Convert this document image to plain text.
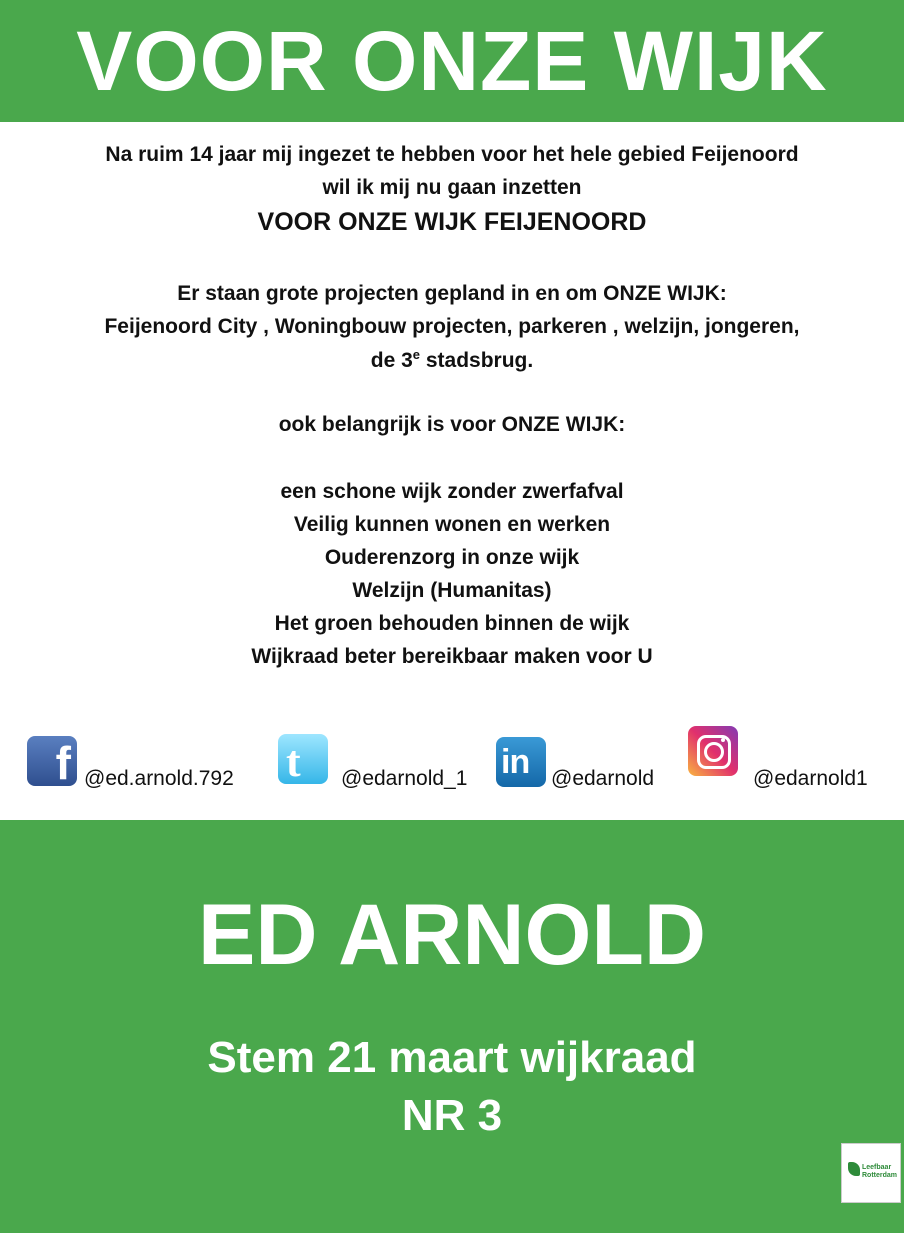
VOOR ONZE WIJK
Na ruim 14 jaar mij ingezet te hebben voor het hele gebied Feijenoord
wil ik mij nu gaan inzetten
VOOR ONZE WIJK FEIJENOORD
Er staan grote projecten gepland in en om ONZE WIJK:
Feijenoord City , Woningbouw projecten, parkeren , welzijn, jongeren,
de 3e stadsbrug.
ook belangrijk is voor ONZE WIJK:
een schone wijk zonder zwerfafval
Veilig kunnen wonen en werken
Ouderenzorg in onze wijk
Welzijn (Humanitas)
Het groen behouden binnen de wijk
Wijkraad beter bereikbaar maken voor U
f @ed.arnold.792 t @edarnold_1 in @edarnold	@edarnold1
ED ARNOLD
Stem 21 maart wijkraad
NR 3
Leefbaar
Rotterdam
